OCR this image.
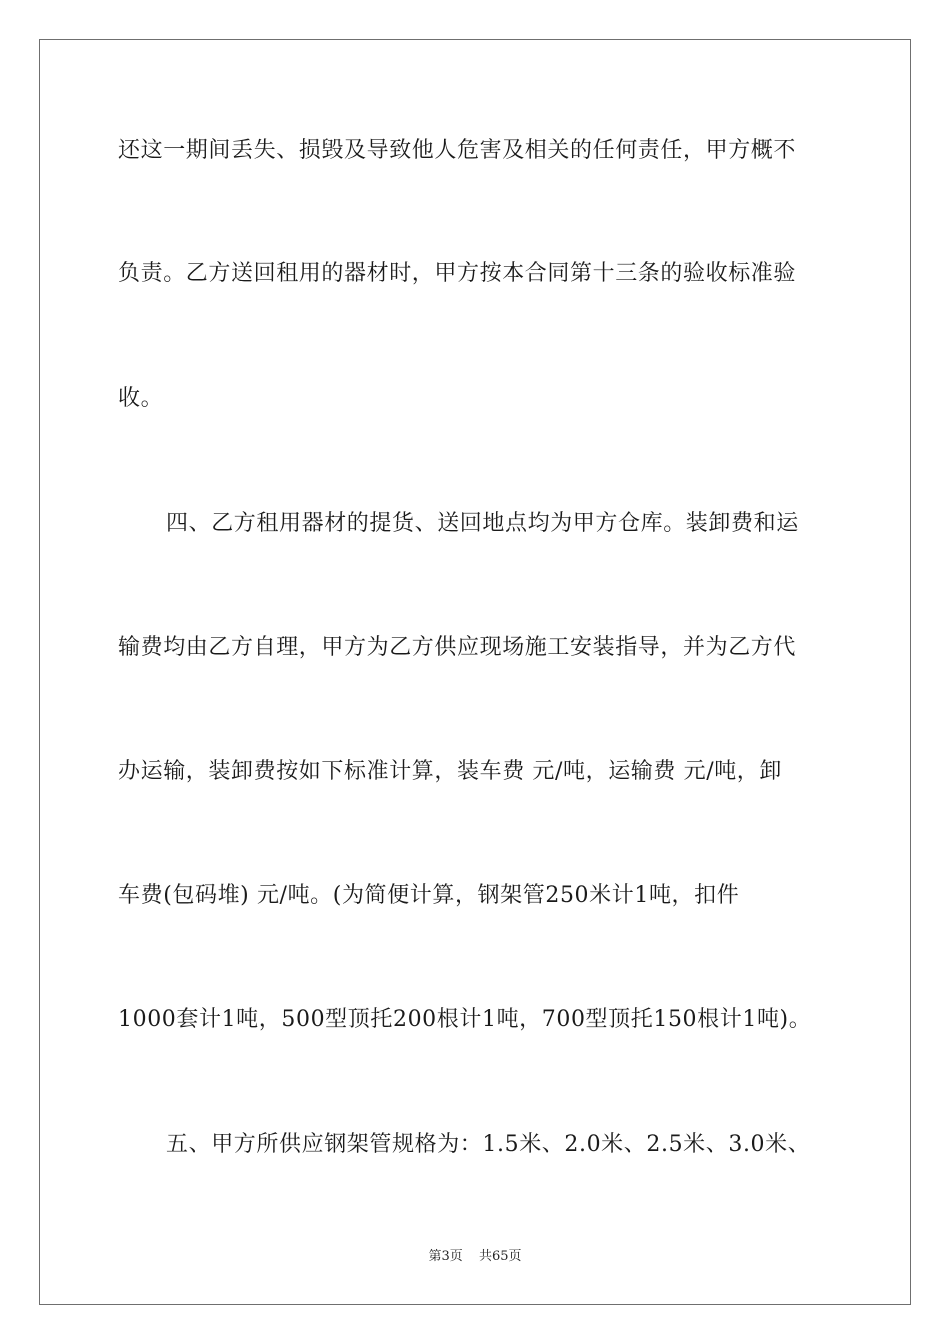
还这一期间丢失、损毁及导致他人危害及相关的任何责任，甲方概不
负责。乙方送回租用的器材时，甲方按本合同第十三条的验收标准验
收。
四、乙方租用器材的提货、送回地点均为甲方仓库。装卸费和运
输费均由乙方自理，甲方为乙方供应现场施工安装指导，并为乙方代
办运输，装卸费按如下标准计算，装车费 元/吨，运输费 元/吨，卸
车费(包码堆) 元/吨。(为简便计算，钢架管250米计1吨，扣件
1000套计1吨，500型顶托200根计1吨，700型顶托150根计1吨)。
五、甲方所供应钢架管规格为：1.5米、2.0米、2.5米、3.0米、
第3页 共65页
